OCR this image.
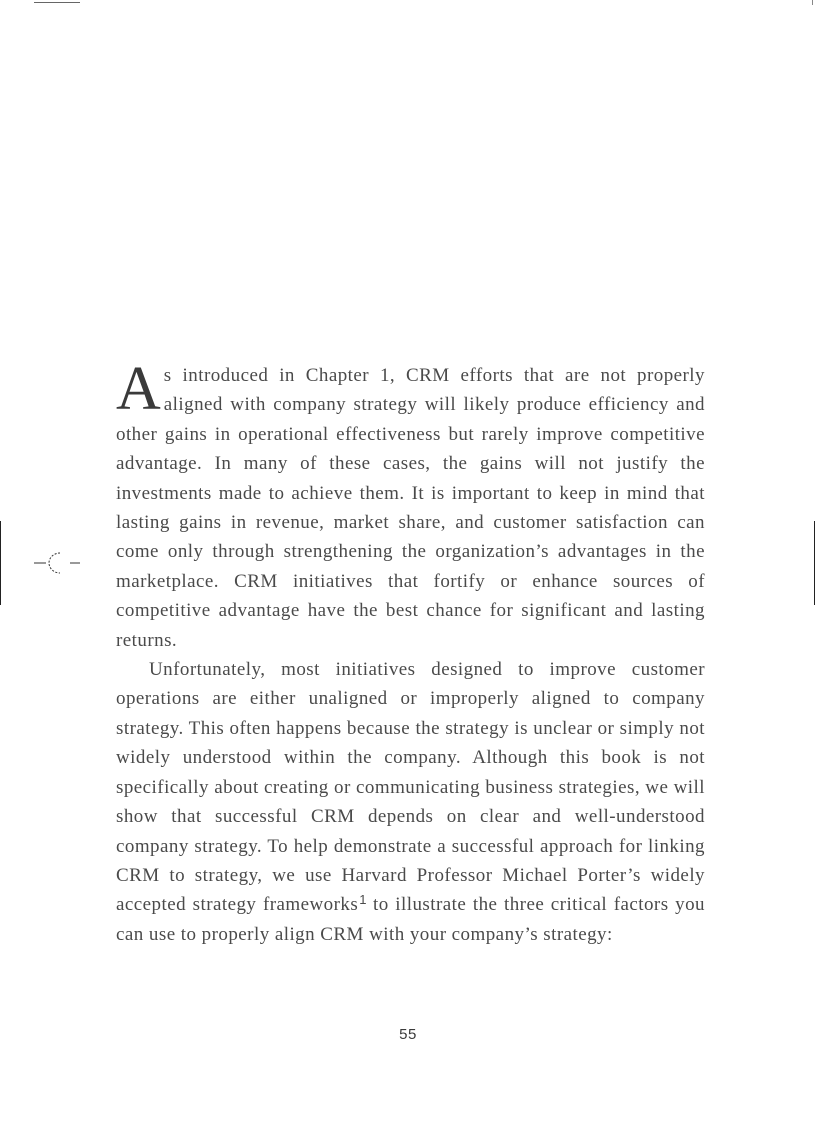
As introduced in Chapter 1, CRM efforts that are not properly aligned with company strategy will likely produce efficiency and other gains in operational effectiveness but rarely improve competitive advantage. In many of these cases, the gains will not justify the investments made to achieve them. It is important to keep in mind that lasting gains in revenue, market share, and customer satisfaction can come only through strengthening the organization’s advantages in the marketplace. CRM initiatives that fortify or enhance sources of competitive advantage have the best chance for significant and lasting returns.

Unfortunately, most initiatives designed to improve customer operations are either unaligned or improperly aligned to company strategy. This often happens because the strategy is unclear or simply not widely understood within the company. Although this book is not specifically about creating or communicating business strategies, we will show that successful CRM depends on clear and well-understood company strategy. To help demonstrate a successful approach for linking CRM to strategy, we use Harvard Professor Michael Porter’s widely accepted strategy frameworks$^1$ to illustrate the three critical factors you can use to properly align CRM with your company’s strategy:

55
